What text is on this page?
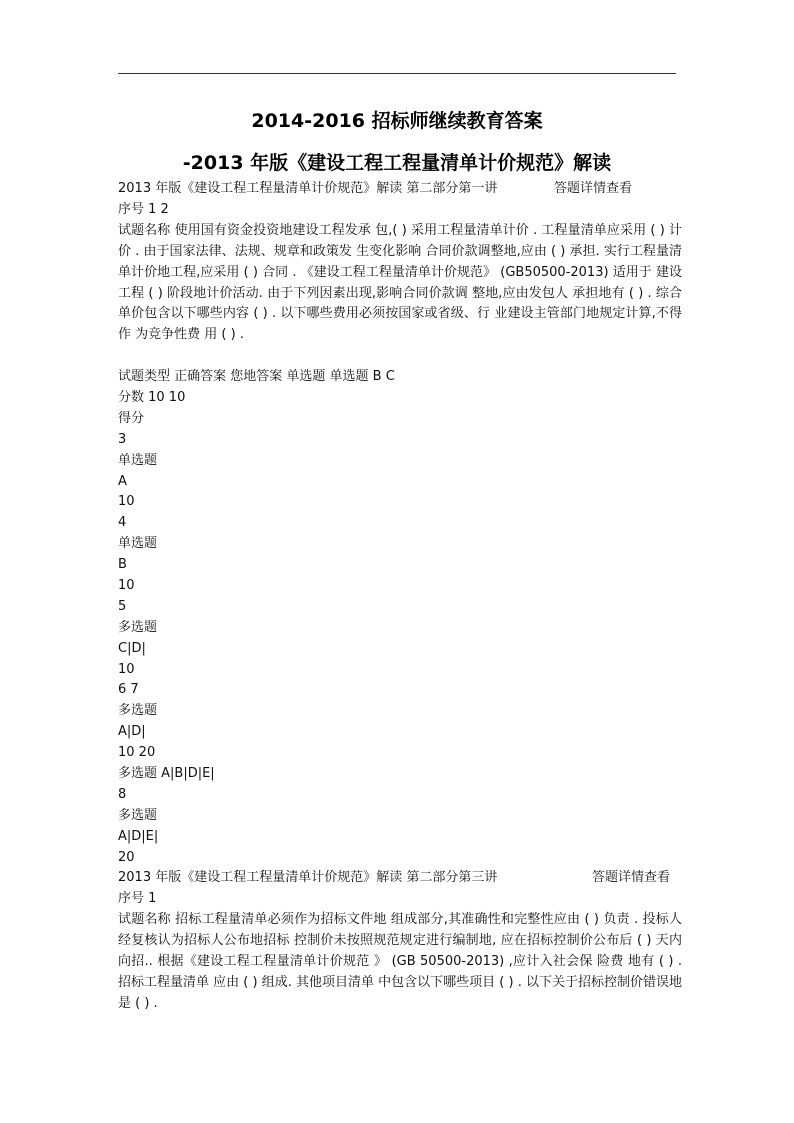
2014-2016 招标师继续教育答案
-2013 年版《建设工程工程量清单计价规范》解读
2013 年版《建设工程工程量清单计价规范》解读 第二部分第一讲	答题详情查看
序号 1 2
试题名称 使用国有资金投资地建设工程发承 包,( ) 采用工程量清单计价 . 工程量清单应采用 ( ) 计价 . 由于国家法律、法规、规章和政策发 生变化影响 合同价款调整地,应由 ( ) 承担. 实行工程量清单计价地工程,应采用 ( ) 合同 . 《建设工程工程量清单计价规范》 (GB50500-2013) 适用于 建设工程 ( ) 阶段地计价活动. 由于下列因素出现,影响合同价款调 整地,应由发包人 承担地有 ( ) . 综合单价包含以下哪些内容 ( ) . 以下哪些费用必须按国家或省级、行 业建设主管部门地规定计算,不得作 为竞争性费 用 ( ) .
试题类型 正确答案 您地答案 单选题 单选题 B C
分数 10 10
得分
3
单选题
A
10
4
单选题
B
10
5
多选题
C|D|
10
6 7
多选题
A|D|
10 20
多选题 A|B|D|E|
8
多选题
A|D|E|
20
2013 年版《建设工程工程量清单计价规范》解读 第二部分第三讲	答题详情查看
序号 1
试题名称 招标工程量清单必须作为招标文件地 组成部分,其准确性和完整性应由 ( ) 负责 . 投标人经复核认为招标人公布地招标 控制价未按照规范规定进行编制地, 应在招标控制价公布后 ( ) 天内向招.. 根据《建设工程工程量清单计价规范 》 (GB 50500-2013) ,应计入社会保 险费 地有 ( ) . 招标工程量清单 应由 ( ) 组成. 其他项目清单 中包含以下哪些项目 ( ) . 以下关于招标控制价错误地是 ( ) .
